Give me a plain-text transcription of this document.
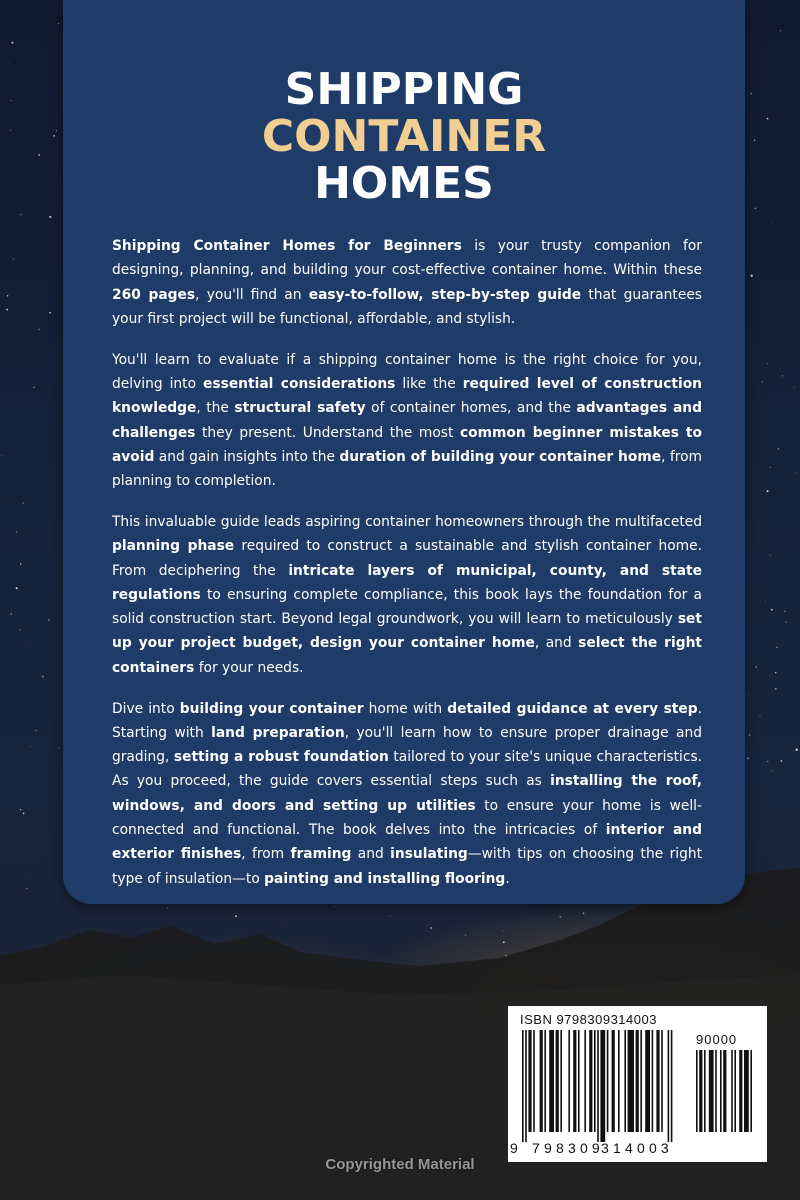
SHIPPING
CONTAINER
HOMES

Shipping Container Homes for Beginners is your trusty companion for designing, planning, and building your cost-effective container home. Within these 260 pages, you'll find an easy-to-follow, step-by-step guide that guarantees your first project will be functional, affordable, and stylish.

You'll learn to evaluate if a shipping container home is the right choice for you, delving into essential considerations like the required level of construction knowledge, the structural safety of container homes, and the advantages and challenges they present. Understand the most common beginner mistakes to avoid and gain insights into the duration of building your container home, from planning to completion.

This invaluable guide leads aspiring container homeowners through the multifaceted planning phase required to construct a sustainable and stylish container home. From deciphering the intricate layers of municipal, county, and state regulations to ensuring complete compliance, this book lays the foundation for a solid construction start. Beyond legal groundwork, you will learn to meticulously set up your project budget, design your container home, and select the right containers for your needs.

Dive into building your container home with detailed guidance at every step. Starting with land preparation, you'll learn how to ensure proper drainage and grading, setting a robust foundation tailored to your site's unique characteristics. As you proceed, the guide covers essential steps such as installing the roof, windows, and doors and setting up utilities to ensure your home is well-connected and functional. The book delves into the intricacies of interior and exterior finishes, from framing and insulating—with tips on choosing the right type of insulation—to painting and installing flooring.

ISBN 9798309314003
90000
9 798309
314003
Copyrighted Material
